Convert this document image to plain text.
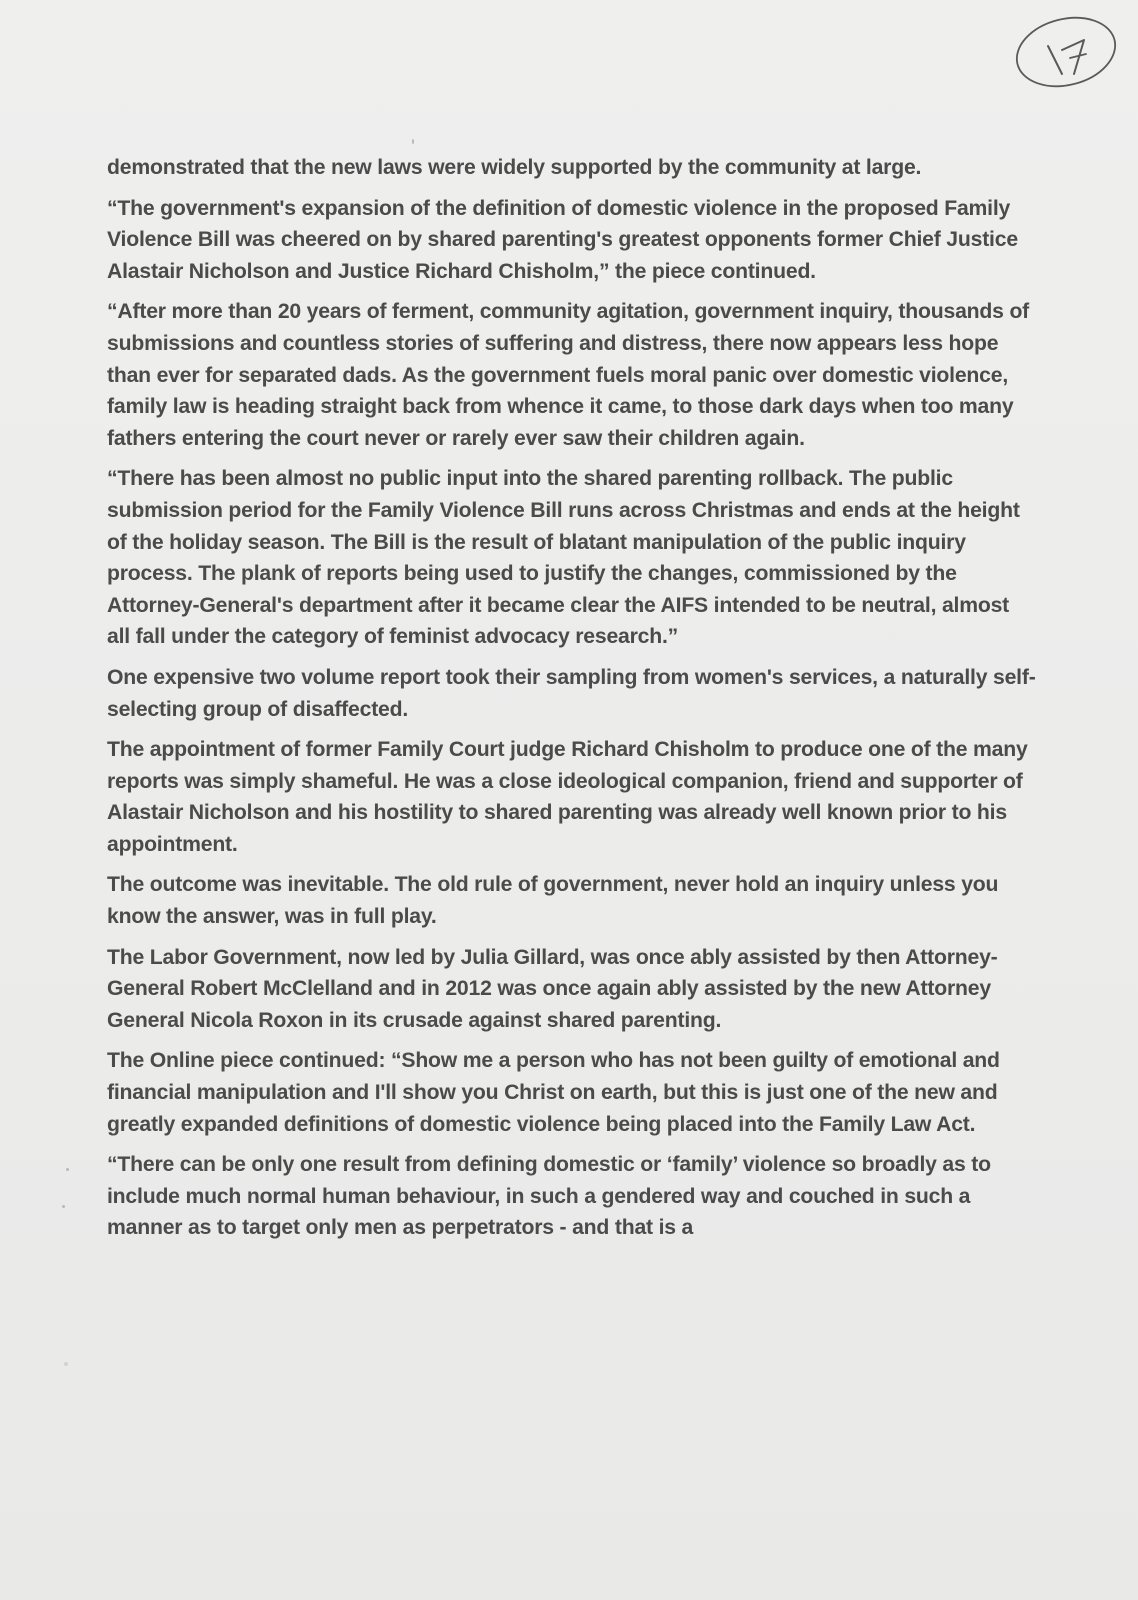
17

demonstrated that the new laws were widely supported by the community at large.

“The government's expansion of the definition of domestic violence in the proposed Family Violence Bill was cheered on by shared parenting's greatest opponents former Chief Justice Alastair Nicholson and Justice Richard Chisholm,” the piece continued.

“After more than 20 years of ferment, community agitation, government inquiry, thousands of submissions and countless stories of suffering and distress, there now appears less hope than ever for separated dads. As the government fuels moral panic over domestic violence, family law is heading straight back from whence it came, to those dark days when too many fathers entering the court never or rarely ever saw their children again.

“There has been almost no public input into the shared parenting rollback. The public submission period for the Family Violence Bill runs across Christmas and ends at the height of the holiday season. The Bill is the result of blatant manipulation of the public inquiry process. The plank of reports being used to justify the changes, commissioned by the Attorney-General's department after it became clear the AIFS intended to be neutral, almost all fall under the category of feminist advocacy research.”

One expensive two volume report took their sampling from women's services, a naturally self-selecting group of disaffected.

The appointment of former Family Court judge Richard Chisholm to produce one of the many reports was simply shameful. He was a close ideological companion, friend and supporter of Alastair Nicholson and his hostility to shared parenting was already well known prior to his appointment.

The outcome was inevitable. The old rule of government, never hold an inquiry unless you know the answer, was in full play.

The Labor Government, now led by Julia Gillard, was once ably assisted by then Attorney-General Robert McClelland and in 2012 was once again ably assisted by the new Attorney General Nicola Roxon in its crusade against shared parenting.

The Online piece continued: “Show me a person who has not been guilty of emotional and financial manipulation and I'll show you Christ on earth, but this is just one of the new and greatly expanded definitions of domestic violence being placed into the Family Law Act.

“There can be only one result from defining domestic or ‘family’ violence so broadly as to include much normal human behaviour, in such a gendered way and couched in such a manner as to target only men as perpetrators - and that is a
